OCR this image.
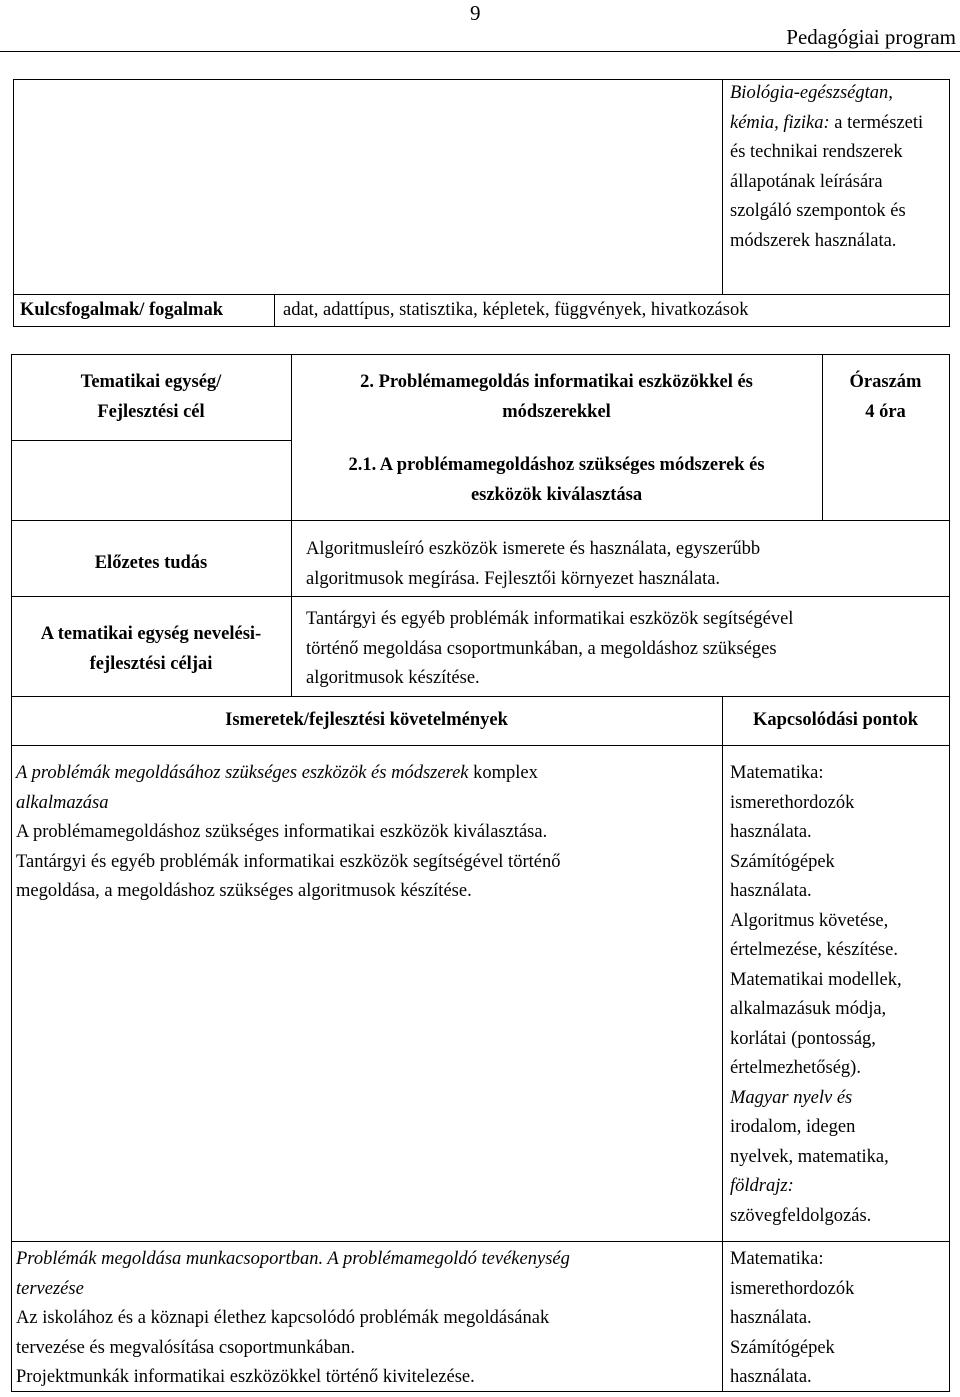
9
Pedagógiai program
Biológia-egészségtan, kémia, fizika: a természeti és technikai rendszerek állapotának leírására szolgáló szempontok és módszerek használata.
Kulcsfogalmak/ fogalmak	adat, adattípus, statisztika, képletek, függvények, hivatkozások
Tematikai egység/
Fejlesztési cél
2. Problémamegoldás informatikai eszközökkel és
módszerekkel
Óraszám
4 óra
2.1. A problémamegoldáshoz szükséges módszerek és
eszközök kiválasztása
Előzetes tudás
Algoritmusleíró eszközök ismerete és használata, egyszerűbb
algoritmusok megírása. Fejlesztői környezet használata.
A tematikai egység nevelési-
fejlesztési céljai
Tantárgyi és egyéb problémák informatikai eszközök segítségével
történő megoldása csoportmunkában, a megoldáshoz szükséges
algoritmusok készítése.
Ismeretek/fejlesztési követelmények	Kapcsolódási pontok
A problémák megoldásához szükséges eszközök és módszerek komplex
alkalmazása
A problémamegoldáshoz szükséges informatikai eszközök kiválasztása.
Tantárgyi és egyéb problémák informatikai eszközök segítségével történő
megoldása, a megoldáshoz szükséges algoritmusok készítése.
Matematika:
ismerethordozók
használata.
Számítógépek
használata.
Algoritmus követése,
értelmezése, készítése.
Matematikai modellek,
alkalmazásuk módja,
korlátai (pontosság,
értelmezhetőség).
Magyar nyelv és
irodalom, idegen
nyelvek, matematika,
földrajz:
szövegfeldolgozás.
Problémák megoldása munkacsoportban. A problémamegoldó tevékenység
tervezése
Az iskolához és a köznapi élethez kapcsolódó problémák megoldásának
tervezése és megvalósítása csoportmunkában.
Projektmunkák informatikai eszközökkel történő kivitelezése.
Matematika:
ismerethordozók
használata.
Számítógépek
használata.
